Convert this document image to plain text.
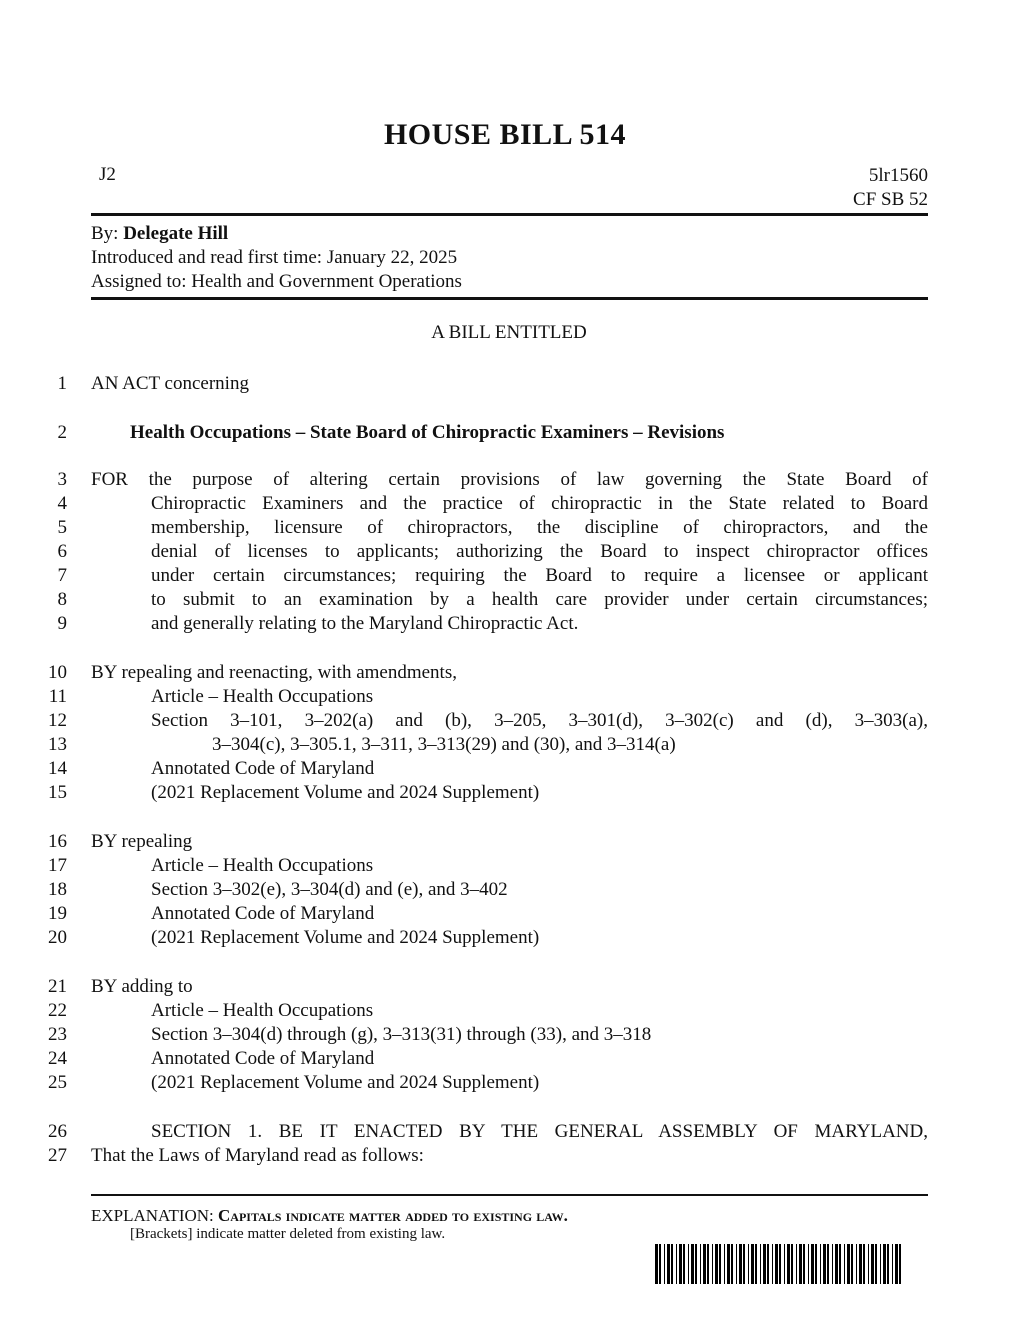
HOUSE BILL 514
J2	5lr1560
CF SB 52
By: Delegate Hill
Introduced and read first time: January 22, 2025
Assigned to: Health and Government Operations
A BILL ENTITLED
1 AN ACT concerning
2	Health Occupations – State Board of Chiropractic Examiners – Revisions
3 FOR the purpose of altering certain provisions of law governing the State Board of
4	Chiropractic Examiners and the practice of chiropractic in the State related to Board
5	membership, licensure of chiropractors, the discipline of chiropractors, and the
6	denial of licenses to applicants; authorizing the Board to inspect chiropractor offices
7	under certain circumstances; requiring the Board to require a licensee or applicant
8	to submit to an examination by a health care provider under certain circumstances;
9	and generally relating to the Maryland Chiropractic Act.
10 BY repealing and reenacting, with amendments,
11	Article – Health Occupations
12	Section 3–101, 3–202(a) and (b), 3–205, 3–301(d), 3–302(c) and (d), 3–303(a),
13	3–304(c), 3–305.1, 3–311, 3–313(29) and (30), and 3–314(a)
14	Annotated Code of Maryland
15	(2021 Replacement Volume and 2024 Supplement)
16 BY repealing
17	Article – Health Occupations
18	Section 3–302(e), 3–304(d) and (e), and 3–402
19	Annotated Code of Maryland
20	(2021 Replacement Volume and 2024 Supplement)
21 BY adding to
22	Article – Health Occupations
23	Section 3–304(d) through (g), 3–313(31) through (33), and 3–318
24	Annotated Code of Maryland
25	(2021 Replacement Volume and 2024 Supplement)
26	SECTION 1. BE IT ENACTED BY THE GENERAL ASSEMBLY OF MARYLAND,
27 That the Laws of Maryland read as follows:
EXPLANATION: Capitals indicate matter added to existing law.
[Brackets] indicate matter deleted from existing law.
